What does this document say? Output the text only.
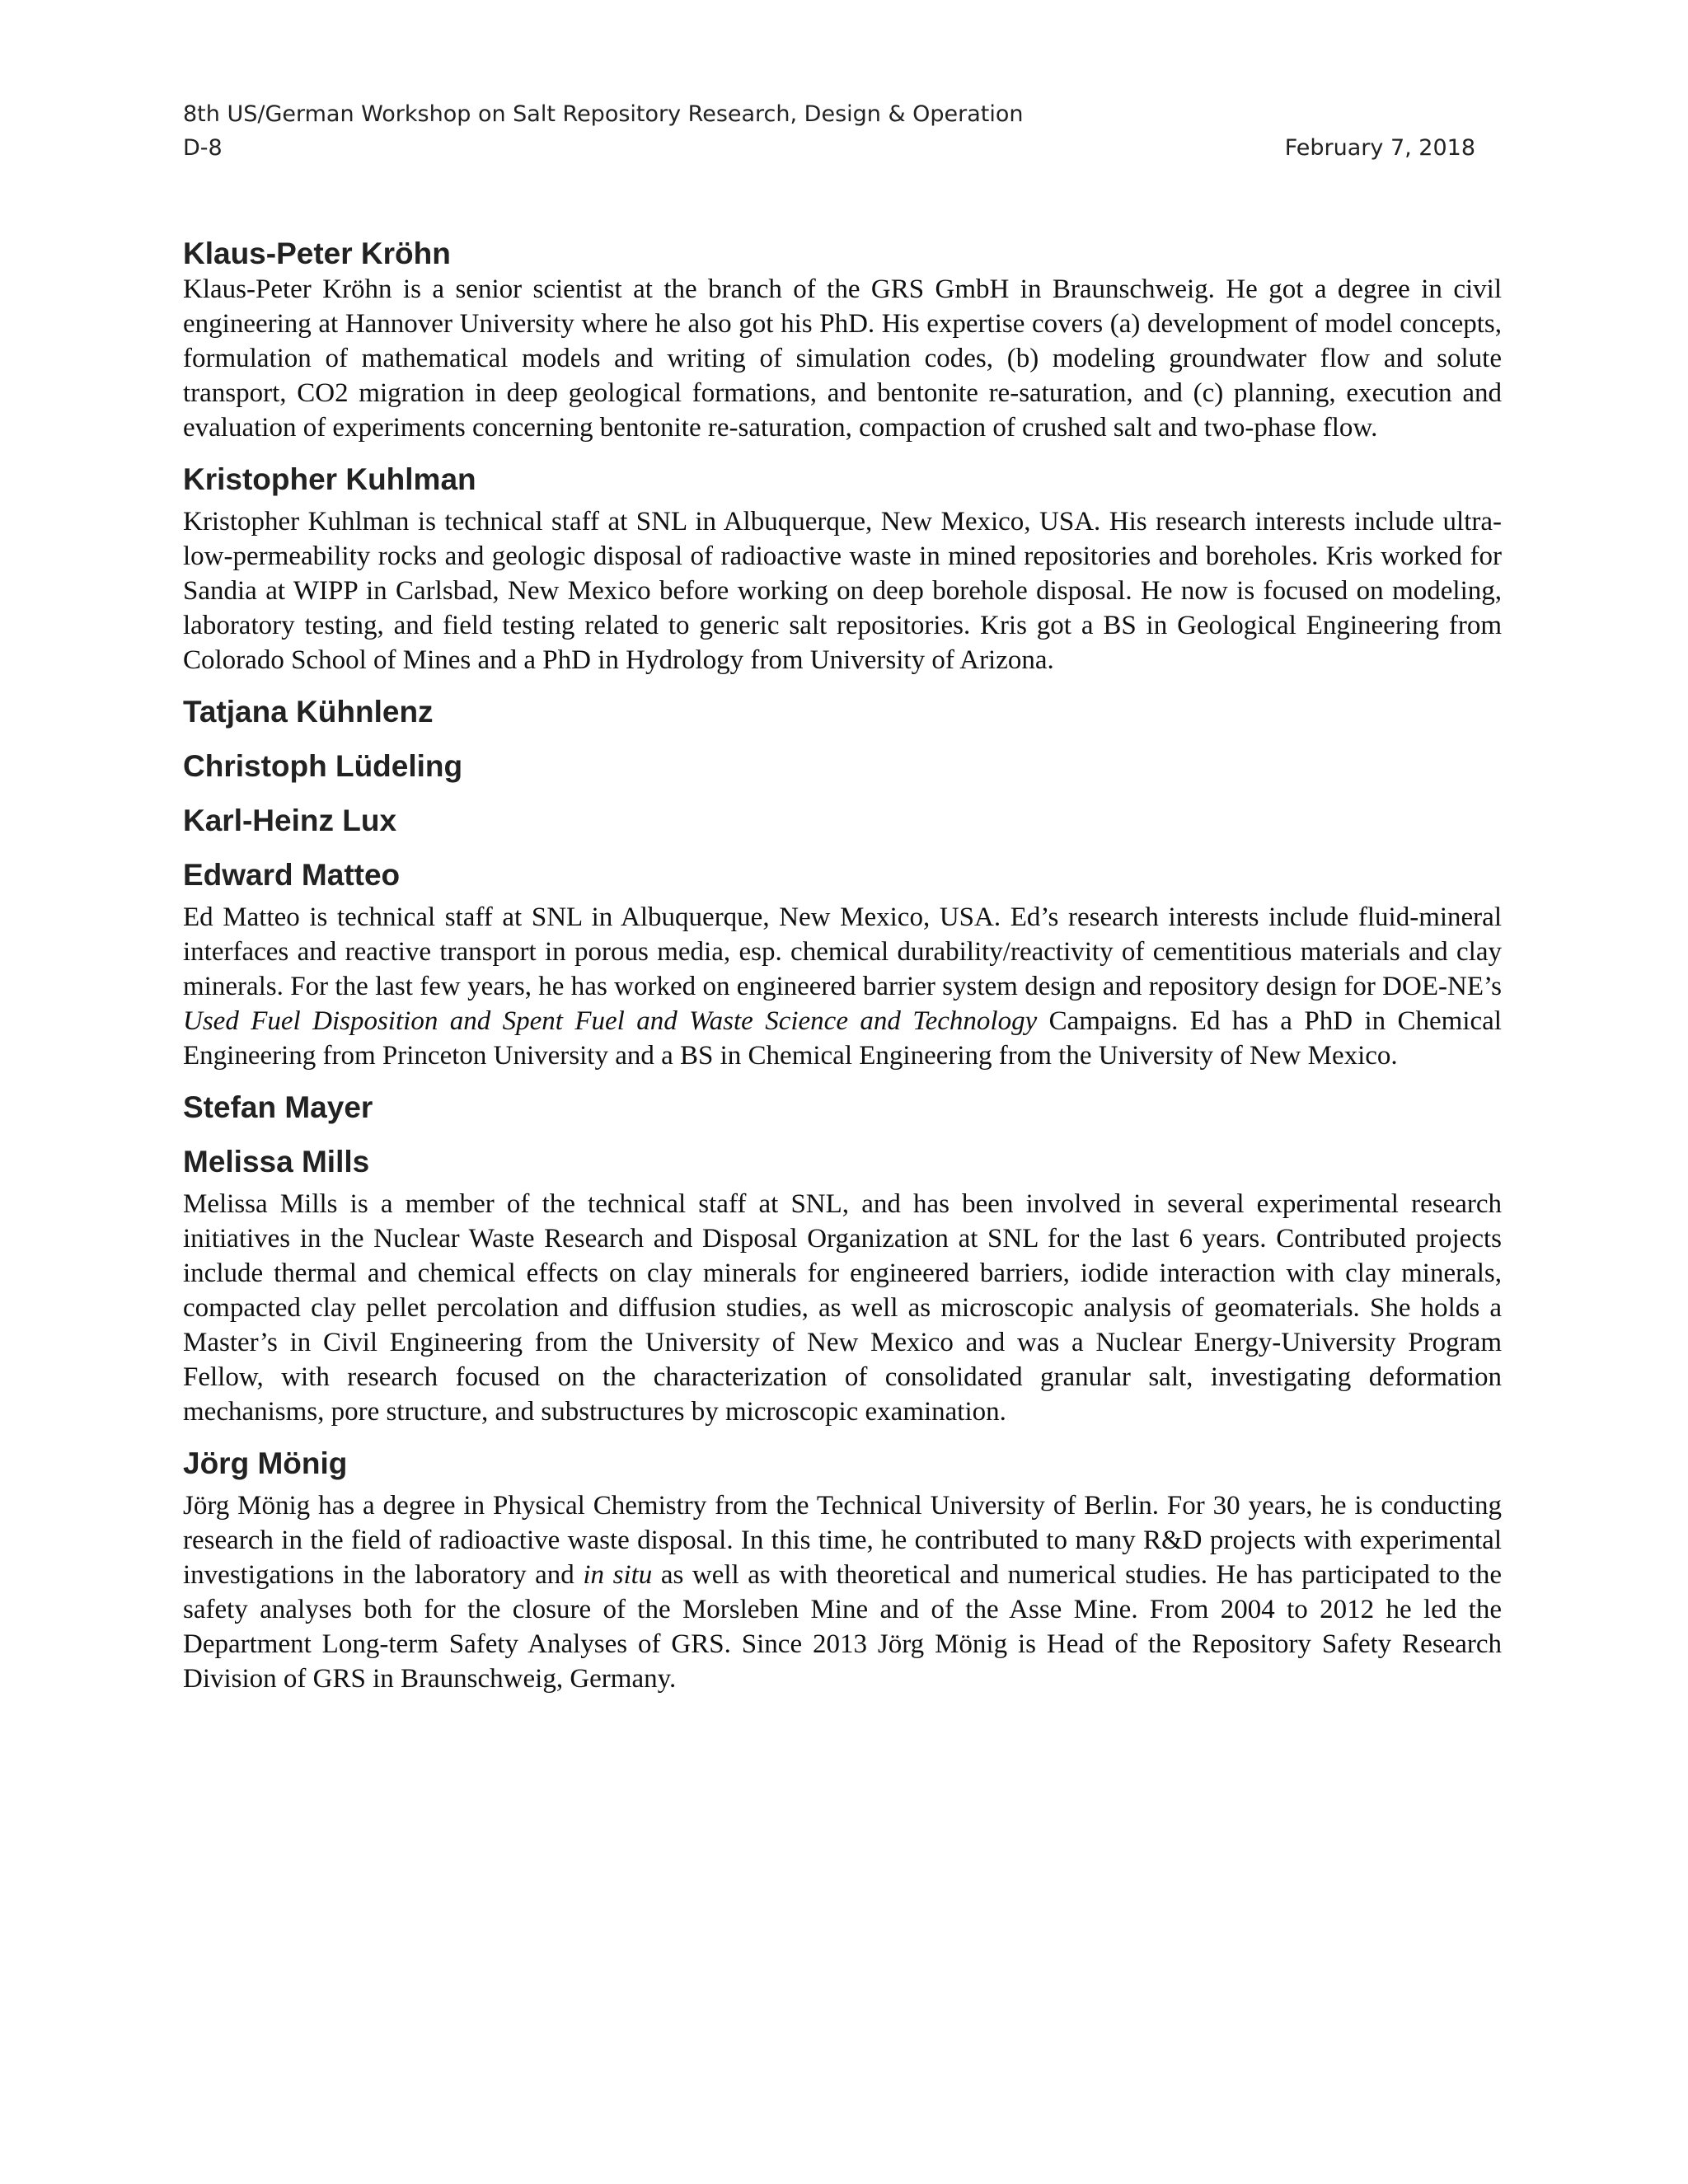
8th US/German Workshop on Salt Repository Research, Design & Operation
D-8	February 7, 2018
Klaus-Peter Kröhn

Klaus-Peter Kröhn is a senior scientist at the branch of the GRS GmbH in Braunschweig. He got a degree in civil engineering at Hannover University where he also got his PhD. His expertise covers (a) development of model concepts, formulation of mathematical models and writing of simulation codes, (b) modeling groundwater flow and solute transport, CO2 migration in deep geological formations, and bentonite re-saturation, and (c) planning, execution and evaluation of experiments concerning bentonite re-saturation, compaction of crushed salt and two-phase flow.

Kristopher Kuhlman

Kristopher Kuhlman is technical staff at SNL in Albuquerque, New Mexico, USA. His research interests include ultra-low-permeability rocks and geologic disposal of radioactive waste in mined repositories and boreholes. Kris worked for Sandia at WIPP in Carlsbad, New Mexico before working on deep borehole disposal. He now is focused on modeling, laboratory testing, and field testing related to generic salt repositories. Kris got a BS in Geological Engineering from Colorado School of Mines and a PhD in Hydrology from University of Arizona.

Tatjana Kühnlenz
Christoph Lüdeling
Karl-Heinz Lux
Edward Matteo

Ed Matteo is technical staff at SNL in Albuquerque, New Mexico, USA. Ed’s research interests include fluid-mineral interfaces and reactive transport in porous media, esp. chemical durability/reactivity of cementitious materials and clay minerals. For the last few years, he has worked on engineered barrier system design and repository design for DOE-NE’s Used Fuel Disposition and Spent Fuel and Waste Science and Technology Campaigns. Ed has a PhD in Chemical Engineering from Princeton University and a BS in Chemical Engineering from the University of New Mexico.

Stefan Mayer
Melissa Mills

Melissa Mills is a member of the technical staff at SNL, and has been involved in several experimental research initiatives in the Nuclear Waste Research and Disposal Organization at SNL for the last 6 years. Contributed projects include thermal and chemical effects on clay minerals for engineered barriers, iodide interaction with clay minerals, compacted clay pellet percolation and diffusion studies, as well as microscopic analysis of geomaterials. She holds a Master’s in Civil Engineering from the University of New Mexico and was a Nuclear Energy-University Program Fellow, with research focused on the characterization of consolidated granular salt, investigating deformation mechanisms, pore structure, and substructures by microscopic examination.

Jörg Mönig

Jörg Mönig has a degree in Physical Chemistry from the Technical University of Berlin. For 30 years, he is conducting research in the field of radioactive waste disposal. In this time, he contributed to many R&D projects with experimental investigations in the laboratory and in situ as well as with theoretical and numerical studies. He has participated to the safety analyses both for the closure of the Morsleben Mine and of the Asse Mine. From 2004 to 2012 he led the Department Long-term Safety Analyses of GRS. Since 2013 Jörg Mönig is Head of the Repository Safety Research Division of GRS in Braunschweig, Germany.
